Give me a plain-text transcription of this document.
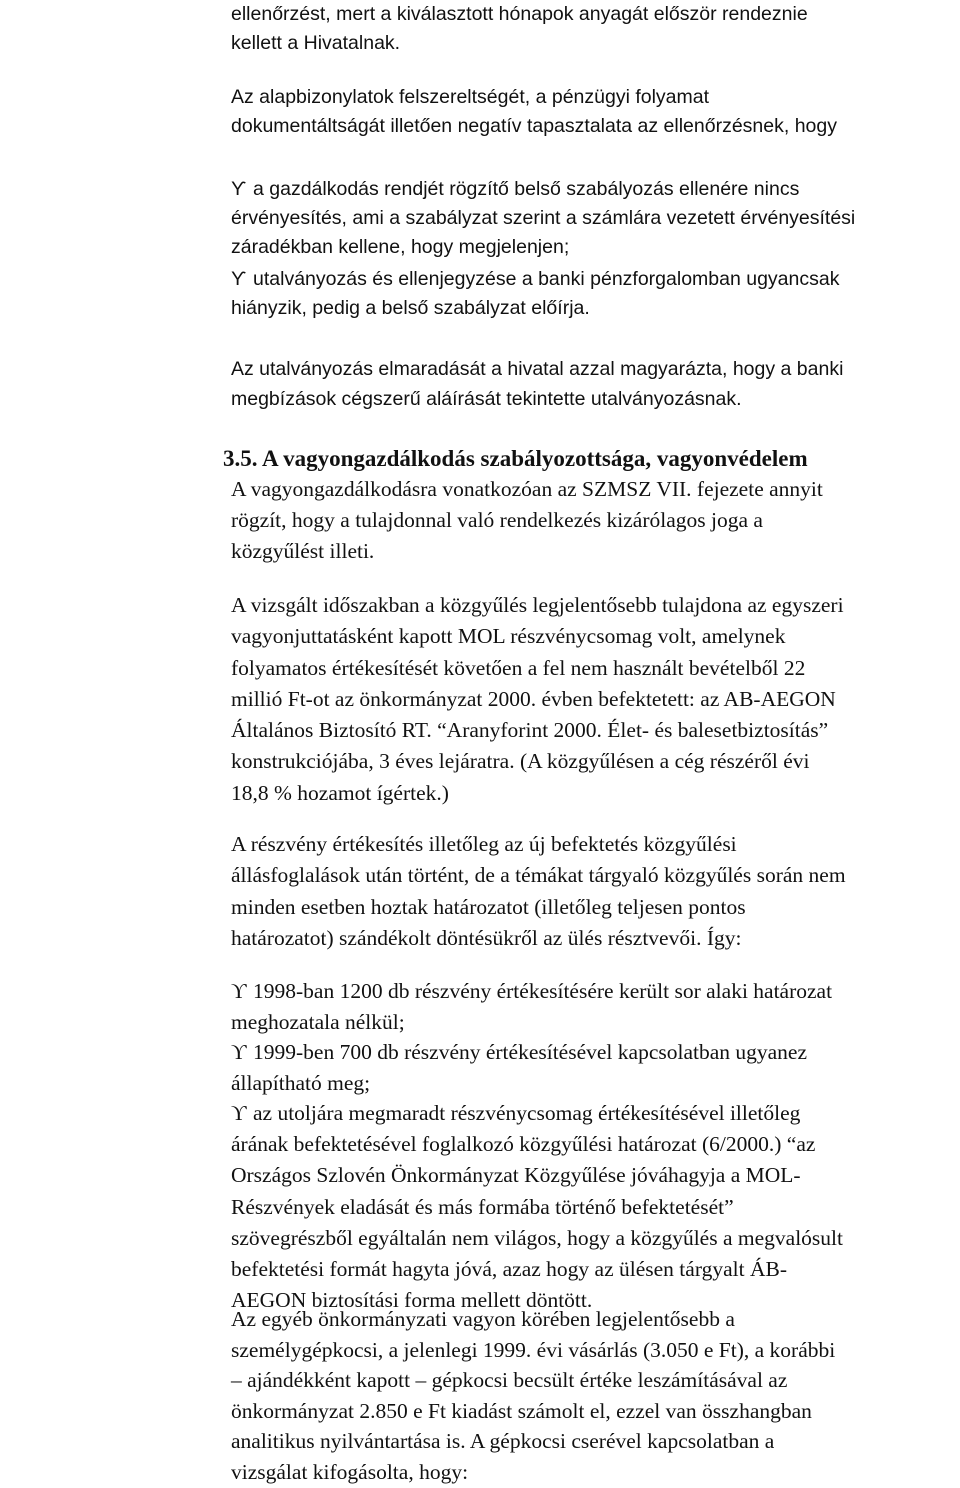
ellenőrzést, mert a kiválasztott hónapok anyagát először rendeznie
kellett a Hivatalnak.
Az alapbizonylatok felszereltségét, a pénzügyi folyamat
dokumentáltságát illetően negatív tapasztalata az ellenőrzésnek, hogy
ϒ a gazdálkodás rendjét rögzítő belső szabályozás ellenére nincs
érvényesítés, ami a szabályzat szerint a számlára vezetett érvényesítési
záradékban kellene, hogy megjelenjen;
ϒ utalványozás és ellenjegyzése a banki pénzforgalomban ugyancsak
hiányzik, pedig a belső szabályzat előírja.
Az utalványozás elmaradását a hivatal azzal magyarázta, hogy a banki
megbízások cégszerű aláírását tekintette utalványozásnak.
3.5. A vagyongazdálkodás szabályozottsága, vagyonvédelem
A vagyongazdálkodásra vonatkozóan az SZMSZ VII. fejezete annyit
rögzít, hogy a tulajdonnal való rendelkezés kizárólagos joga a
közgyűlést illeti.
A vizsgált időszakban a közgyűlés legjelentősebb tulajdona az egyszeri
vagyonjuttatásként kapott MOL részvénycsomag volt, amelynek
folyamatos értékesítését követően a fel nem használt bevételből 22
millió Ft-ot az önkormányzat 2000. évben befektetett: az AB-AEGON
Általános Biztosító RT. “Aranyforint 2000. Élet- és balesetbiztosítás”
konstrukciójába, 3 éves lejáratra. (A közgyűlésen a cég részéről évi
18,8 % hozamot ígértek.)
A részvény értékesítés illetőleg az új befektetés közgyűlési
állásfoglalások után történt, de a témákat tárgyaló közgyűlés során nem
minden esetben hoztak határozatot (illetőleg teljesen pontos
határozatot) szándékolt döntésükről az ülés résztvevői. Így:
ϒ 1998-ban 1200 db részvény értékesítésére került sor alaki határozat
meghozatala nélkül;
ϒ 1999-ben 700 db részvény értékesítésével kapcsolatban ugyanez
állapítható meg;
ϒ az utoljára megmaradt részvénycsomag értékesítésével illetőleg
árának befektetésével foglalkozó közgyűlési határozat (6/2000.) “az
Országos Szlovén Önkormányzat Közgyűlése jóváhagyja a MOL-
Részvények eladását és más formába történő befektetését”
szövegrészből egyáltalán nem világos, hogy a közgyűlés a megvalósult
befektetési formát hagyta jóvá, azaz hogy az ülésen tárgyalt ÁB-
AEGON biztosítási forma mellett döntött.
Az egyéb önkormányzati vagyon körében legjelentősebb a
személygépkocsi, a jelenlegi 1999. évi vásárlás (3.050 e Ft), a korábbi
– ajándékként kapott – gépkocsi becsült értéke leszámításával az
önkormányzat 2.850 e Ft kiadást számolt el, ezzel van összhangban
analitikus nyilvántartása is. A gépkocsi cserével kapcsolatban a
vizsgálat kifogásolta, hogy:
